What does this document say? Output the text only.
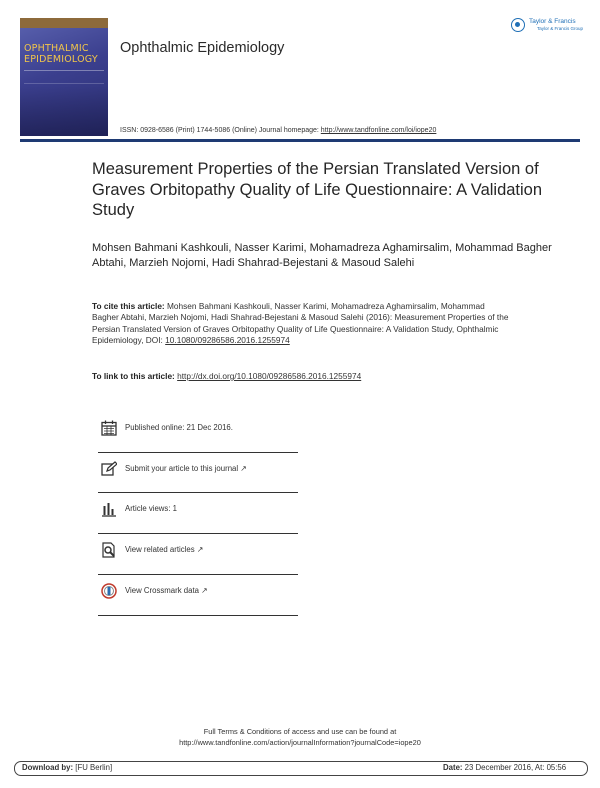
OPHTHALMIC
EPIDEMIOLOGY
Ophthalmic Epidemiology
Taylor & Francis
Taylor & Francis Group
ISSN: 0928-6586 (Print) 1744-5086 (Online) Journal homepage: http://www.tandfonline.com/loi/iope20
Measurement Properties of the Persian Translated Version of Graves Orbitopathy Quality of Life Questionnaire: A Validation Study
Mohsen Bahmani Kashkouli, Nasser Karimi, Mohamadreza Aghamirsalim, Mohammad Bagher Abtahi, Marzieh Nojomi, Hadi Shahrad-Bejestani & Masoud Salehi
To cite this article: Mohsen Bahmani Kashkouli, Nasser Karimi, Mohamadreza Aghamirsalim, Mohammad Bagher Abtahi, Marzieh Nojomi, Hadi Shahrad-Bejestani & Masoud Salehi (2016): Measurement Properties of the Persian Translated Version of Graves Orbitopathy Quality of Life Questionnaire: A Validation Study, Ophthalmic Epidemiology, DOI: 10.1080/09286586.2016.1255974
To link to this article: http://dx.doi.org/10.1080/09286586.2016.1255974
Published online: 21 Dec 2016.
Submit your article to this journal ↗
Article views: 1
View related articles ↗
View Crossmark data ↗
Full Terms & Conditions of access and use can be found at
http://www.tandfonline.com/action/journalInformation?journalCode=iope20
Download by: [FU Berlin]	Date: 23 December 2016, At: 05:56
